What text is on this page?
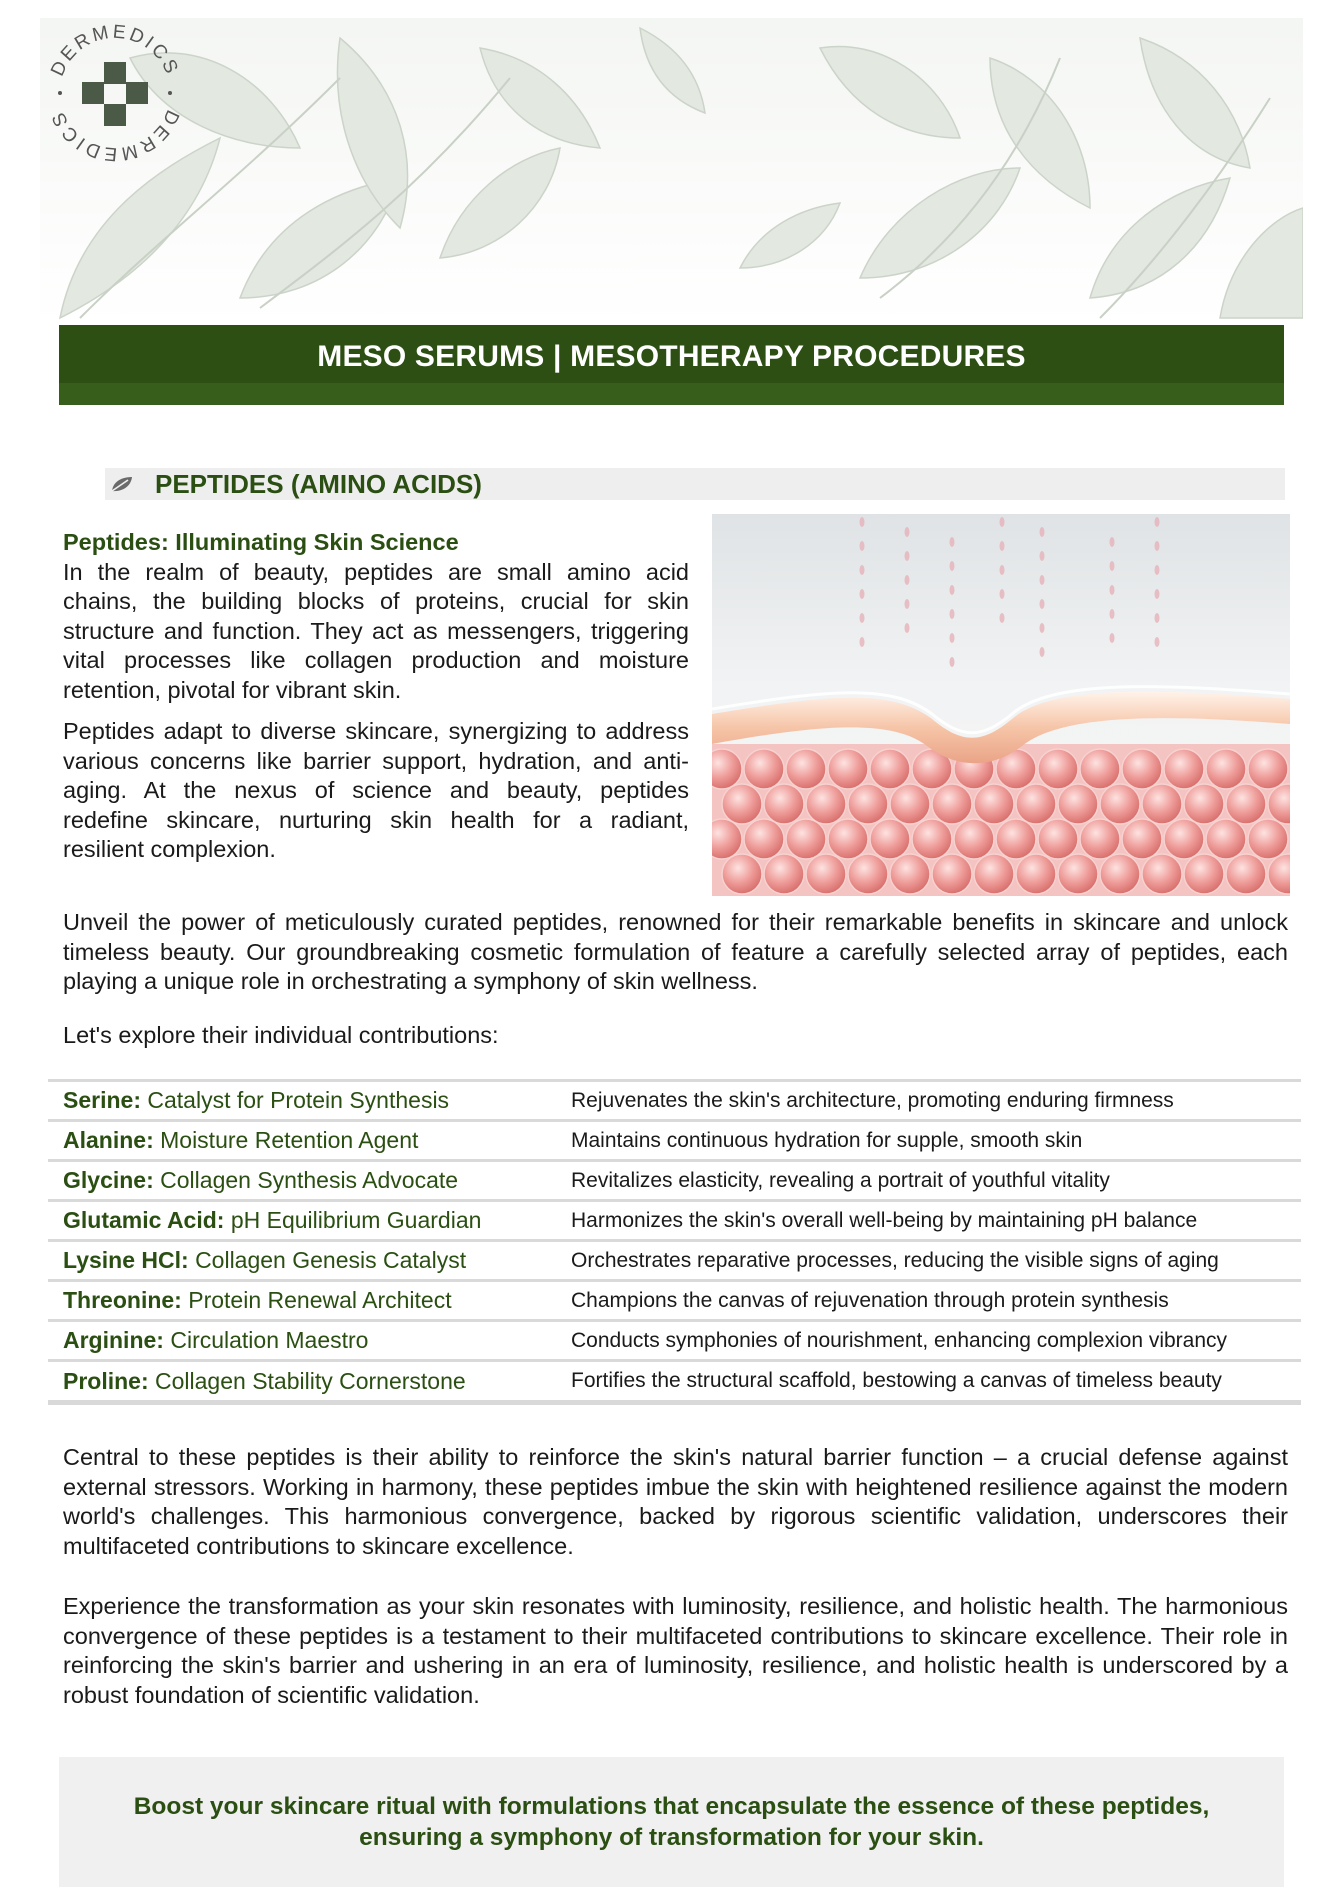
DERMEDICS
DERMEDICS
MESO SERUMS | MESOTHERAPY PROCEDURES
PEPTIDES (AMINO ACIDS)
Peptides: Illuminating Skin Science

In the realm of beauty, peptides are small amino acid chains, the building blocks of proteins, crucial for skin structure and function. They act as messengers, triggering vital processes like collagen production and moisture retention, pivotal for vibrant skin.

Peptides adapt to diverse skincare, synergizing to address various concerns like barrier support, hydration, and anti-aging. At the nexus of science and beauty, peptides redefine skincare, nurturing skin health for a radiant, resilient complexion.

Unveil the power of meticulously curated peptides, renowned for their remarkable benefits in skincare and unlock timeless beauty. Our groundbreaking cosmetic formulation of feature a carefully selected array of peptides, each playing a unique role in orchestrating a symphony of skin wellness.

Let's explore their individual contributions:

Serine: Catalyst for Protein Synthesis	Rejuvenates the skin's architecture, promoting enduring firmness
Alanine: Moisture Retention Agent	Maintains continuous hydration for supple, smooth skin
Glycine: Collagen Synthesis Advocate	Revitalizes elasticity, revealing a portrait of youthful vitality
Glutamic Acid: pH Equilibrium Guardian	Harmonizes the skin's overall well-being by maintaining pH balance
Lysine HCl: Collagen Genesis Catalyst	Orchestrates reparative processes, reducing the visible signs of aging
Threonine: Protein Renewal Architect	Champions the canvas of rejuvenation through protein synthesis
Arginine: Circulation Maestro	Conducts symphonies of nourishment, enhancing complexion vibrancy
Proline: Collagen Stability Cornerstone	Fortifies the structural scaffold, bestowing a canvas of timeless beauty

Central to these peptides is their ability to reinforce the skin's natural barrier function – a crucial defense against external stressors. Working in harmony, these peptides imbue the skin with heightened resilience against the modern world's challenges. This harmonious convergence, backed by rigorous scientific validation, underscores their multifaceted contributions to skincare excellence.

Experience the transformation as your skin resonates with luminosity, resilience, and holistic health. The harmonious convergence of these peptides is a testament to their multifaceted contributions to skincare excellence. Their role in reinforcing the skin's barrier and ushering in an era of luminosity, resilience, and holistic health is underscored by a robust foundation of scientific validation.

Boost your skincare ritual with formulations that encapsulate the essence of these peptides,
ensuring a symphony of transformation for your skin.
